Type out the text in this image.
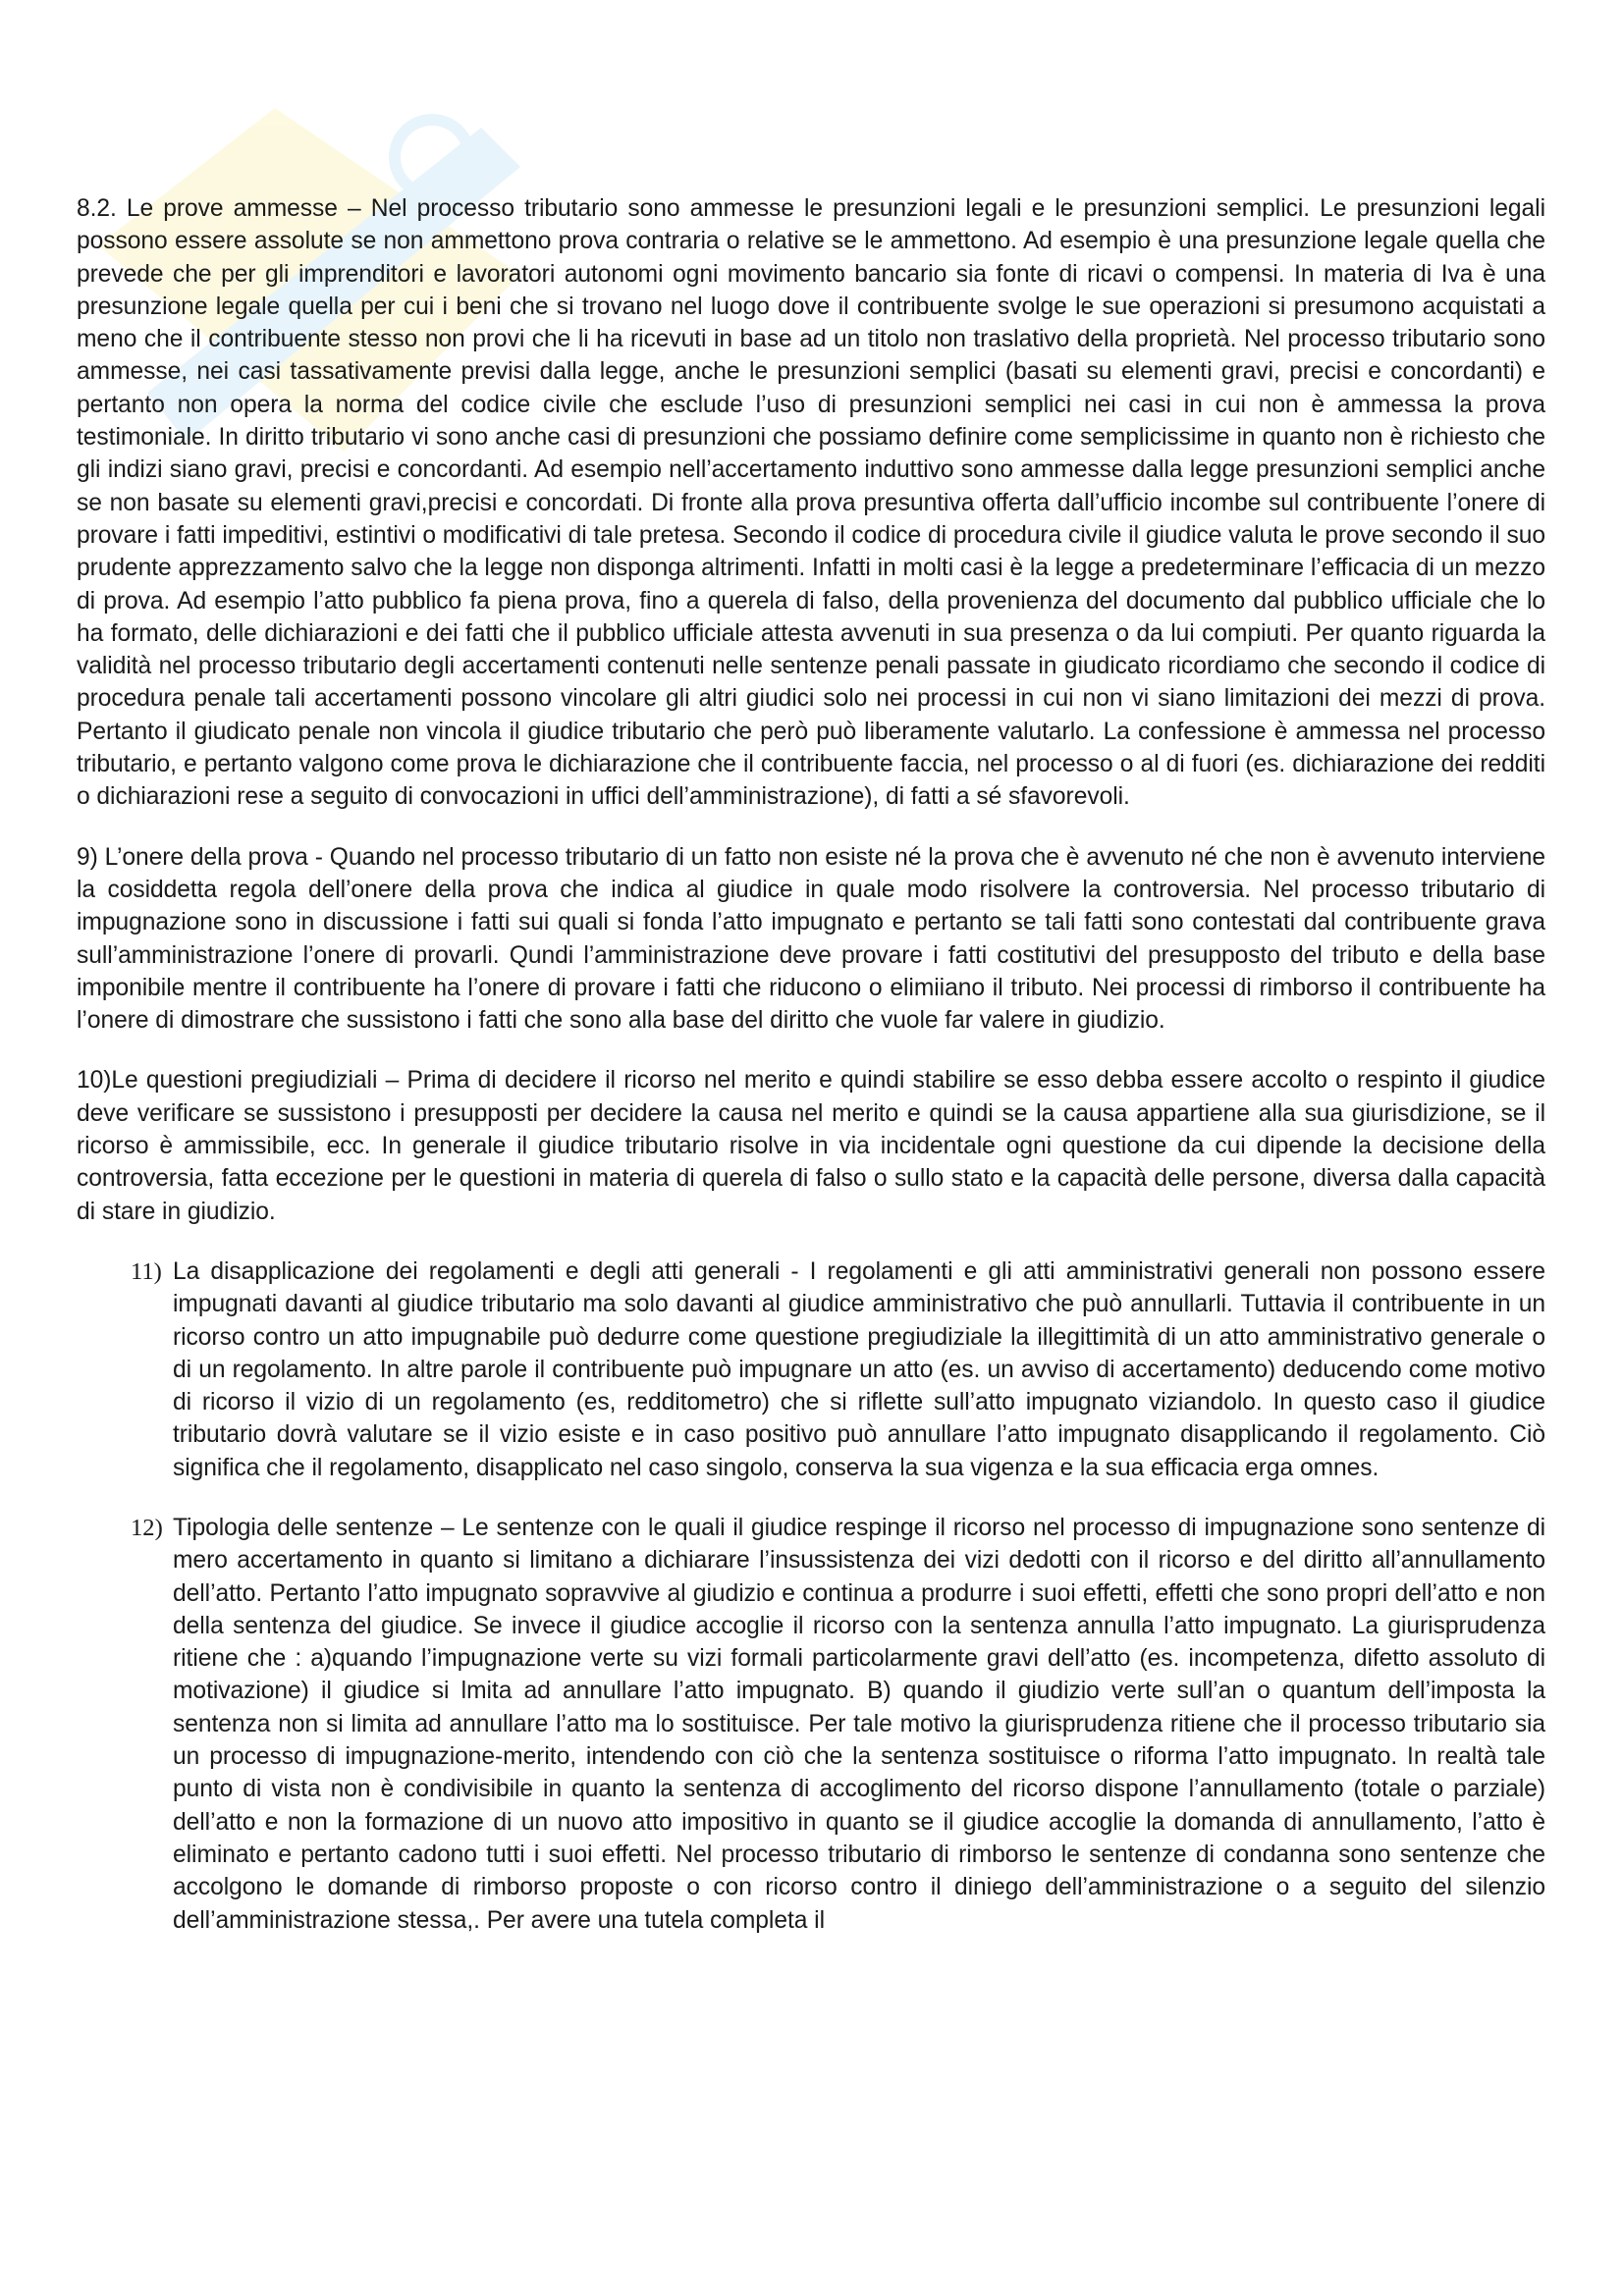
8.2. Le prove ammesse – Nel processo tributario sono ammesse le presunzioni legali e le presunzioni semplici. Le presunzioni legali possono essere assolute se non ammettono prova contraria o relative se le ammettono. Ad esempio è una presunzione legale quella che prevede che per gli imprenditori e lavoratori autonomi ogni movimento bancario sia fonte di ricavi o compensi. In materia di Iva è una presunzione legale quella per cui i beni che si trovano nel luogo dove il contribuente svolge le sue operazioni si presumono acquistati a meno che il contribuente stesso non provi che li ha ricevuti in base ad un titolo non traslativo della proprietà. Nel processo tributario sono ammesse, nei casi tassativamente previsi dalla legge, anche le presunzioni semplici (basati su elementi gravi, precisi e concordanti) e pertanto non opera la norma del codice civile che esclude l’uso di presunzioni semplici nei casi in cui non è ammessa la prova testimoniale. In diritto tributario vi sono anche casi di presunzioni che possiamo definire come semplicissime in quanto non è richiesto che gli indizi siano gravi, precisi e concordanti. Ad esempio nell’accertamento induttivo sono ammesse dalla legge presunzioni semplici anche se non basate su elementi gravi,precisi e concordati. Di fronte alla prova presuntiva offerta dall’ufficio incombe sul contribuente l’onere di provare i fatti impeditivi, estintivi o modificativi di tale pretesa. Secondo il codice di procedura civile il giudice valuta le prove secondo il suo prudente apprezzamento salvo che la legge non disponga altrimenti. Infatti in molti casi è la legge a predeterminare l’efficacia di un mezzo di prova. Ad esempio l’atto pubblico fa piena prova, fino a querela di falso, della provenienza del documento dal pubblico ufficiale che lo ha formato, delle dichiarazioni e dei fatti che il pubblico ufficiale attesta avvenuti in sua presenza o da lui compiuti. Per quanto riguarda la validità nel processo tributario degli accertamenti contenuti nelle sentenze penali passate in giudicato ricordiamo che secondo il codice di procedura penale tali accertamenti possono vincolare gli altri giudici solo nei processi in cui non vi siano limitazioni dei mezzi di prova. Pertanto il giudicato penale non vincola il giudice tributario che però può liberamente valutarlo. La confessione è ammessa nel processo tributario, e pertanto valgono come prova le dichiarazione che il contribuente faccia, nel processo o al di fuori (es. dichiarazione dei redditi o dichiarazioni rese a seguito di convocazioni in uffici dell’amministrazione), di fatti a sé sfavorevoli.

9) L’onere della prova - Quando nel processo tributario di un fatto non esiste né la prova che è avvenuto né che non è avvenuto interviene la cosiddetta regola dell’onere della prova che indica al giudice in quale modo risolvere la controversia. Nel processo tributario di impugnazione sono in discussione i fatti sui quali si fonda l’atto impugnato e pertanto se tali fatti sono contestati dal contribuente grava sull’amministrazione l’onere di provarli. Qundi l’amministrazione deve provare i fatti costitutivi del presupposto del tributo e della base imponibile mentre il contribuente ha l’onere di provare i fatti che riducono o elimiiano il tributo. Nei processi di rimborso il contribuente ha l’onere di dimostrare che sussistono i fatti che sono alla base del diritto che vuole far valere in giudizio.

10)Le questioni pregiudiziali – Prima di decidere il ricorso nel merito e quindi stabilire se esso debba essere accolto o respinto il giudice deve verificare se sussistono i presupposti per decidere la causa nel merito e quindi se la causa appartiene alla sua giurisdizione, se il ricorso è ammissibile, ecc. In generale il giudice tributario risolve in via incidentale ogni questione da cui dipende la decisione della controversia, fatta eccezione per le questioni in materia di querela di falso o sullo stato e la capacità delle persone, diversa dalla capacità di stare in giudizio.

11) La disapplicazione dei regolamenti e degli atti generali - I regolamenti e gli atti amministrativi generali non possono essere impugnati davanti al giudice tributario ma solo davanti al giudice amministrativo che può annullarli. Tuttavia il contribuente in un ricorso contro un atto impugnabile può dedurre come questione pregiudiziale la illegittimità di un atto amministrativo generale o di un regolamento. In altre parole il contribuente può impugnare un atto (es. un avviso di accertamento) deducendo come motivo di ricorso il vizio di un regolamento (es, redditometro) che si riflette sull’atto impugnato viziandolo. In questo caso il giudice tributario dovrà valutare se il vizio esiste e in caso positivo può annullare l’atto impugnato disapplicando il regolamento. Ciò significa che il regolamento, disapplicato nel caso singolo, conserva la sua vigenza e la sua efficacia erga omnes.

12) Tipologia delle sentenze – Le sentenze con le quali il giudice respinge il ricorso nel processo di impugnazione sono sentenze di mero accertamento in quanto si limitano a dichiarare l’insussistenza dei vizi dedotti con il ricorso e del diritto all’annullamento dell’atto. Pertanto l’atto impugnato sopravvive al giudizio e continua a produrre i suoi effetti, effetti che sono propri dell’atto e non della sentenza del giudice. Se invece il giudice accoglie il ricorso con la sentenza annulla l’atto impugnato. La giurisprudenza ritiene che : a)quando l’impugnazione verte su vizi formali particolarmente gravi dell’atto (es. incompetenza, difetto assoluto di motivazione) il giudice si lmita ad annullare l’atto impugnato. B) quando il giudizio verte sull’an o quantum dell’imposta la sentenza non si limita ad annullare l’atto ma lo sostituisce. Per tale motivo la giurisprudenza ritiene che il processo tributario sia un processo di impugnazione-merito, intendendo con ciò che la sentenza sostituisce o riforma l’atto impugnato. In realtà tale punto di vista non è condivisibile in quanto la sentenza di accoglimento del ricorso dispone l’annullamento (totale o parziale) dell’atto e non la formazione di un nuovo atto impositivo in quanto se il giudice accoglie la domanda di annullamento, l’atto è eliminato e pertanto cadono tutti i suoi effetti. Nel processo tributario di rimborso le sentenze di condanna sono sentenze che accolgono le domande di rimborso proposte o con ricorso contro il diniego dell’amministrazione o a seguito del silenzio dell’amministrazione stessa,. Per avere una tutela completa il
